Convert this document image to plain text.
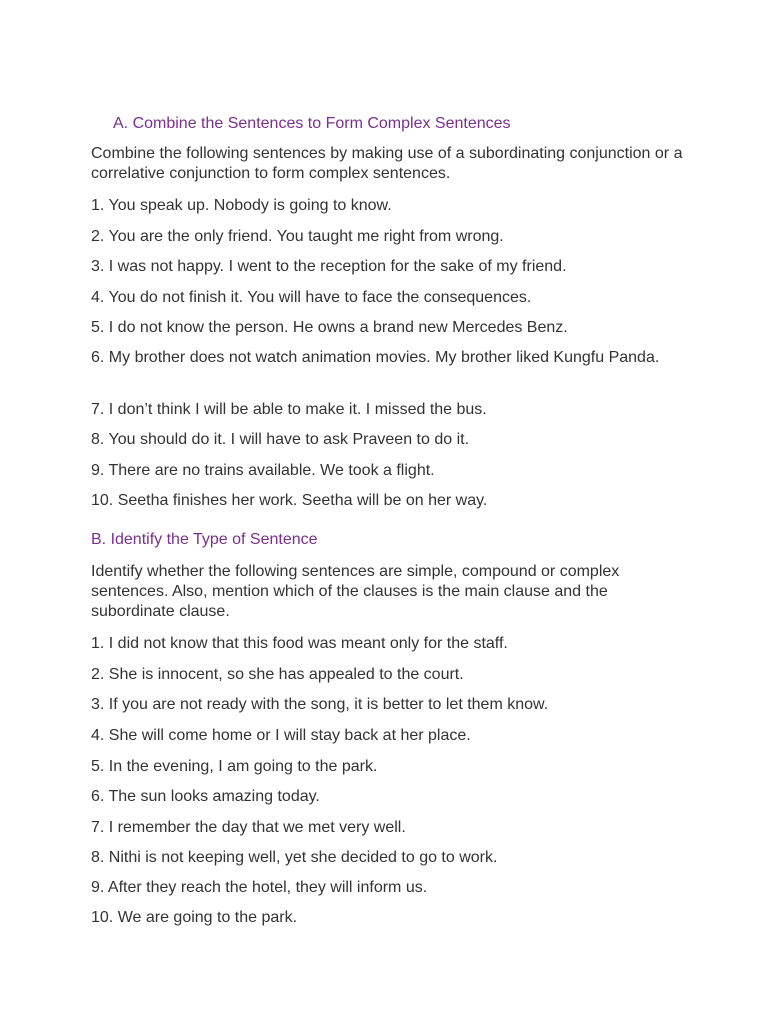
A. Combine the Sentences to Form Complex Sentences
Combine the following sentences by making use of a subordinating conjunction or a correlative conjunction to form complex sentences.
1. You speak up. Nobody is going to know.
2. You are the only friend. You taught me right from wrong.
3. I was not happy. I went to the reception for the sake of my friend.
4. You do not finish it. You will have to face the consequences.
5. I do not know the person. He owns a brand new Mercedes Benz.
6. My brother does not watch animation movies. My brother liked Kungfu Panda.
7. I don’t think I will be able to make it. I missed the bus.
8. You should do it. I will have to ask Praveen to do it.
9. There are no trains available. We took a flight.
10. Seetha finishes her work. Seetha will be on her way.
B. Identify the Type of Sentence
Identify whether the following sentences are simple, compound or complex sentences. Also, mention which of the clauses is the main clause and the subordinate clause.
1. I did not know that this food was meant only for the staff.
2. She is innocent, so she has appealed to the court.
3. If you are not ready with the song, it is better to let them know.
4. She will come home or I will stay back at her place.
5. In the evening, I am going to the park.
6. The sun looks amazing today.
7. I remember the day that we met very well.
8. Nithi is not keeping well, yet she decided to go to work.
9. After they reach the hotel, they will inform us.
10. We are going to the park.
